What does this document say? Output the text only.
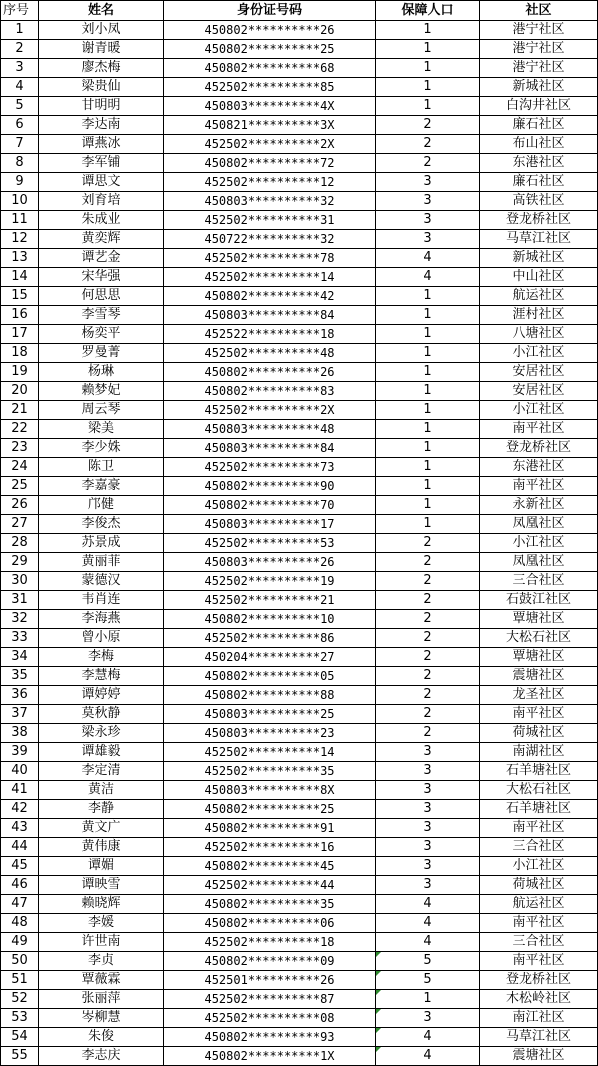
序号	姓名	身份证号码	保障人口	社区
1	刘小凤	450802**********26	1	港宁社区
2	谢青暖	450802**********25	1	港宁社区
3	廖杰梅	450802**********68	1	港宁社区
4	梁贵仙	452502**********85	1	新城社区
5	甘明明	450803**********4X	1	白沟井社区
6	李达南	450821**********3X	2	廉石社区
7	谭燕冰	452502**********2X	2	布山社区
8	李军铺	450802**********72	2	东港社区
9	谭思文	452502**********12	3	廉石社区
10	刘育培	450803**********32	3	高铁社区
11	朱成业	452502**********31	3	登龙桥社区
12	黄奕辉	450722**********32	3	马草江社区
13	谭艺金	452502**********78	4	新城社区
14	宋华强	452502**********14	4	中山社区
15	何思思	450802**********42	1	航运社区
16	李雪琴	450803**********84	1	涯村社区
17	杨奕平	452522**********18	1	八塘社区
18	罗曼菁	452502**********48	1	小江社区
19	杨琳	450802**********26	1	安居社区
20	赖梦妃	450802**********83	1	安居社区
21	周云琴	452502**********2X	1	小江社区
22	梁美	450803**********48	1	南平社区
23	李少姝	450803**********84	1	登龙桥社区
24	陈卫	452502**********73	1	东港社区
25	李嘉豪	450802**********90	1	南平社区
26	邝健	450802**********70	1	永新社区
27	李俊杰	450803**********17	1	凤凰社区
28	苏景成	452502**********53	2	小江社区
29	黄丽菲	450803**********26	2	凤凰社区
30	蒙德汉	452502**********19	2	三合社区
31	韦肖连	452502**********21	2	石鼓江社区
32	李海燕	450802**********10	2	覃塘社区
33	曾小原	452502**********86	2	大松石社区
34	李梅	450204**********27	2	覃塘社区
35	李慧梅	450802**********05	2	震塘社区
36	谭婷婷	450802**********88	2	龙圣社区
37	莫秋静	450803**********25	2	南平社区
38	梁永珍	450803**********23	2	荷城社区
39	谭雄毅	452502**********14	3	南湖社区
40	李定清	452502**********35	3	石羊塘社区
41	黄洁	450803**********8X	3	大松石社区
42	李静	450802**********25	3	石羊塘社区
43	黄文广	450802**********91	3	南平社区
44	黄伟康	452502**********16	3	三合社区
45	谭媚	450802**********45	3	小江社区
46	谭映雪	452502**********44	3	荷城社区
47	赖晓辉	450802**********35	4	航运社区
48	李媛	450802**********06	4	南平社区
49	许世南	452502**********18	4	三合社区
50	李贞	450802**********09	5	南平社区
51	覃薇霖	452501**********26	5	登龙桥社区
52	张丽萍	452502**********87	1	木松岭社区
53	岑柳慧	452502**********08	3	南江社区
54	朱俊	450802**********93	4	马草江社区
55	李志庆	450802**********1X	4	震塘社区
